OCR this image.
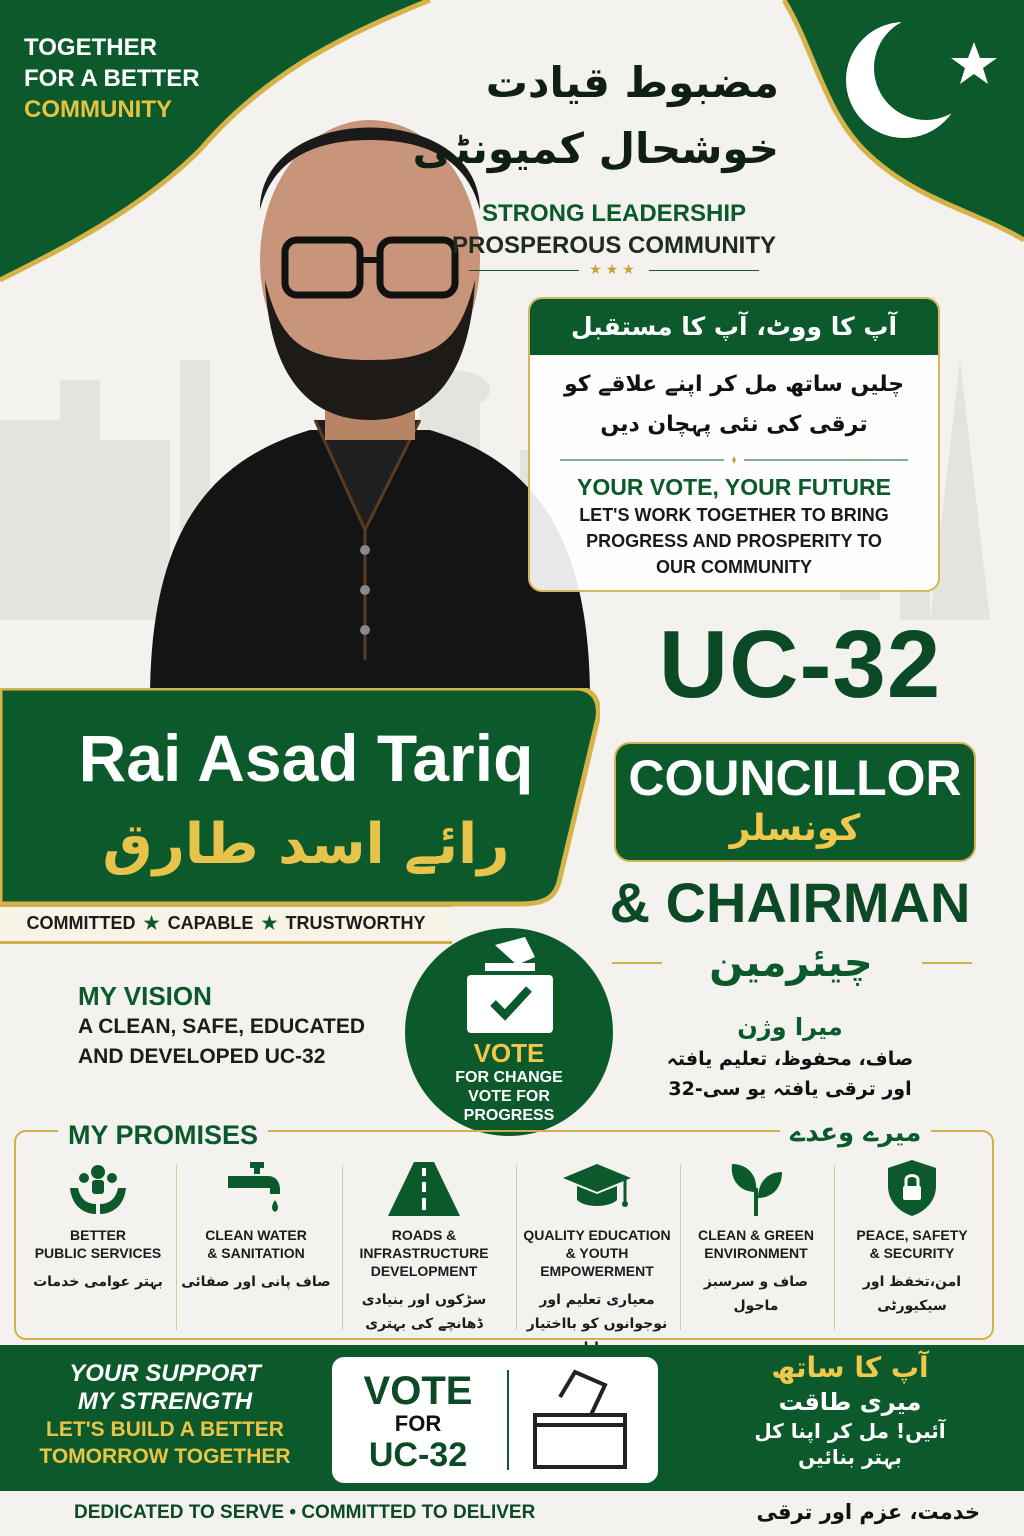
TOGETHER
FOR A BETTER
COMMUNITY
مضبوط قیادت
خوشحال کمیونٹی
STRONG LEADERSHIP
PROSPEROUS COMMUNITY
★★★
آپ کا ووٹ، آپ کا مستقبل
چلیں ساتھ مل کر اپنے علاقے کو
ترقی کی نئی پہچان دیں
YOUR VOTE, YOUR FUTURE
LET'S WORK TOGETHER TO BRING
PROGRESS AND PROSPERITY TO
OUR COMMUNITY
UC-32
COUNCILLOR
کونسلر
& CHAIRMAN
چیئرمین
Rai Asad Tariq
رائے اسد طارق
COMMITTED ★ CAPABLE ★ TRUSTWORTHY
MY VISION
A CLEAN, SAFE, EDUCATED
AND DEVELOPED UC-32	VOTE
FOR CHANGE
VOTE FOR
PROGRESS
میرا وژن
صاف، محفوظ، تعلیم یافتہ
اور ترقی یافتہ یو سی-32
MY PROMISES	میرے وعدے
BETTER
PUBLIC SERVICES
بہتر عوامی خدمات
CLEAN WATER
& SANITATION
صاف پانی اور صفائی
ROADS &
INFRASTRUCTURE
DEVELOPMENT
سڑکوں اور بنیادی
ڈھانچے کی بہتری
QUALITY EDUCATION
& YOUTH
EMPOWERMENT
معیاری تعلیم اور
نوجوانوں کو بااختیار
CLEAN & GREEN
ENVIRONMENT
صاف و سرسبز
ماحول
PEACE, SAFETY
& SECURITY
امن،تخفظ اور
سیکیورٹی
YOUR SUPPORT
MY STRENGTH
LET'S BUILD A BETTER
TOMORROW TOGETHER
VOTE
FOR
UC-32
آپ کا ساتھ
میری طاقت
آئیں! مل کر اپنا کل
بہتر بنائیں
DEDICATED TO SERVE • COMMITTED TO DELIVER	خدمت، عزم اور ترقی
